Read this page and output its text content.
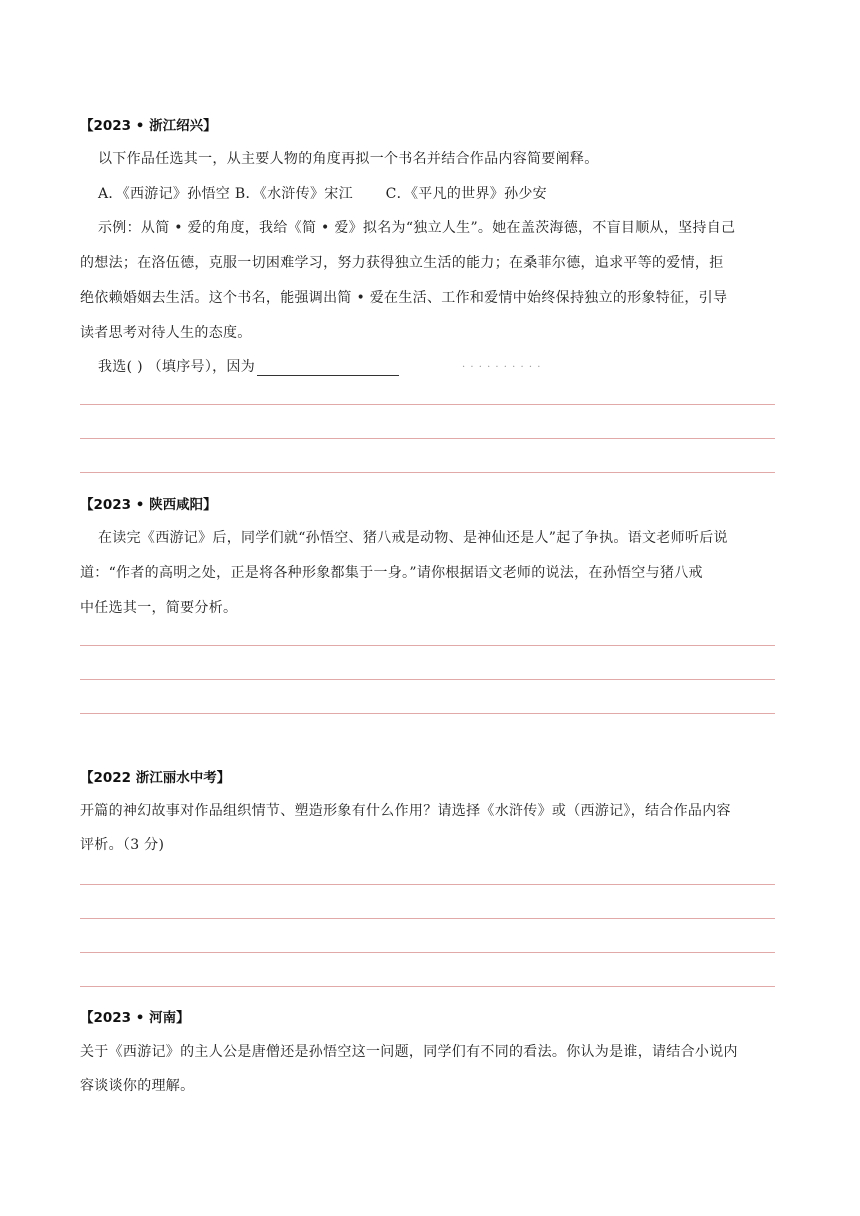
【2023 • 浙江绍兴】
以下作品任选其一，从主要人物的角度再拟一个书名并结合作品内容简要阐释。
A．《西游记》孙悟空 B．《水浒传》宋江 C．《平凡的世界》孙少安
示例：从简 • 爱的角度，我给《简 • 爱》拟名为“独立人生”。她在盖茨海德，不盲目顺从，坚持自己
的想法；在洛伍德，克服一切困难学习，努力获得独立生活的能力；在桑菲尔德，追求平等的爱情，拒
绝依赖婚姻去生活。这个书名，能强调出简 • 爱在生活、工作和爱情中始终保持独立的形象特征，引导
读者思考对待人生的态度。
我选( ) （填序号），因为	· · · · · · · · · ·
【2023 • 陕西咸阳】
在读完《西游记》后，同学们就“孙悟空、猪八戒是动物、是神仙还是人”起了争执。语文老师听后说
道：“作者的高明之处，正是将各种形象都集于一身。”请你根据语文老师的说法，在孙悟空与猪八戒
中任选其一，简要分析。
【2022 浙江丽水中考】
开篇的神幻故事对作品组织情节、塑造形象有什么作用？请选择《水浒传》或（西游记》，结合作品内容
评析。（3 分)
【2023 • 河南】
关于《西游记》的主人公是唐僧还是孙悟空这一问题，同学们有不同的看法。你认为是谁，请结合小说内
容谈谈你的理解。
